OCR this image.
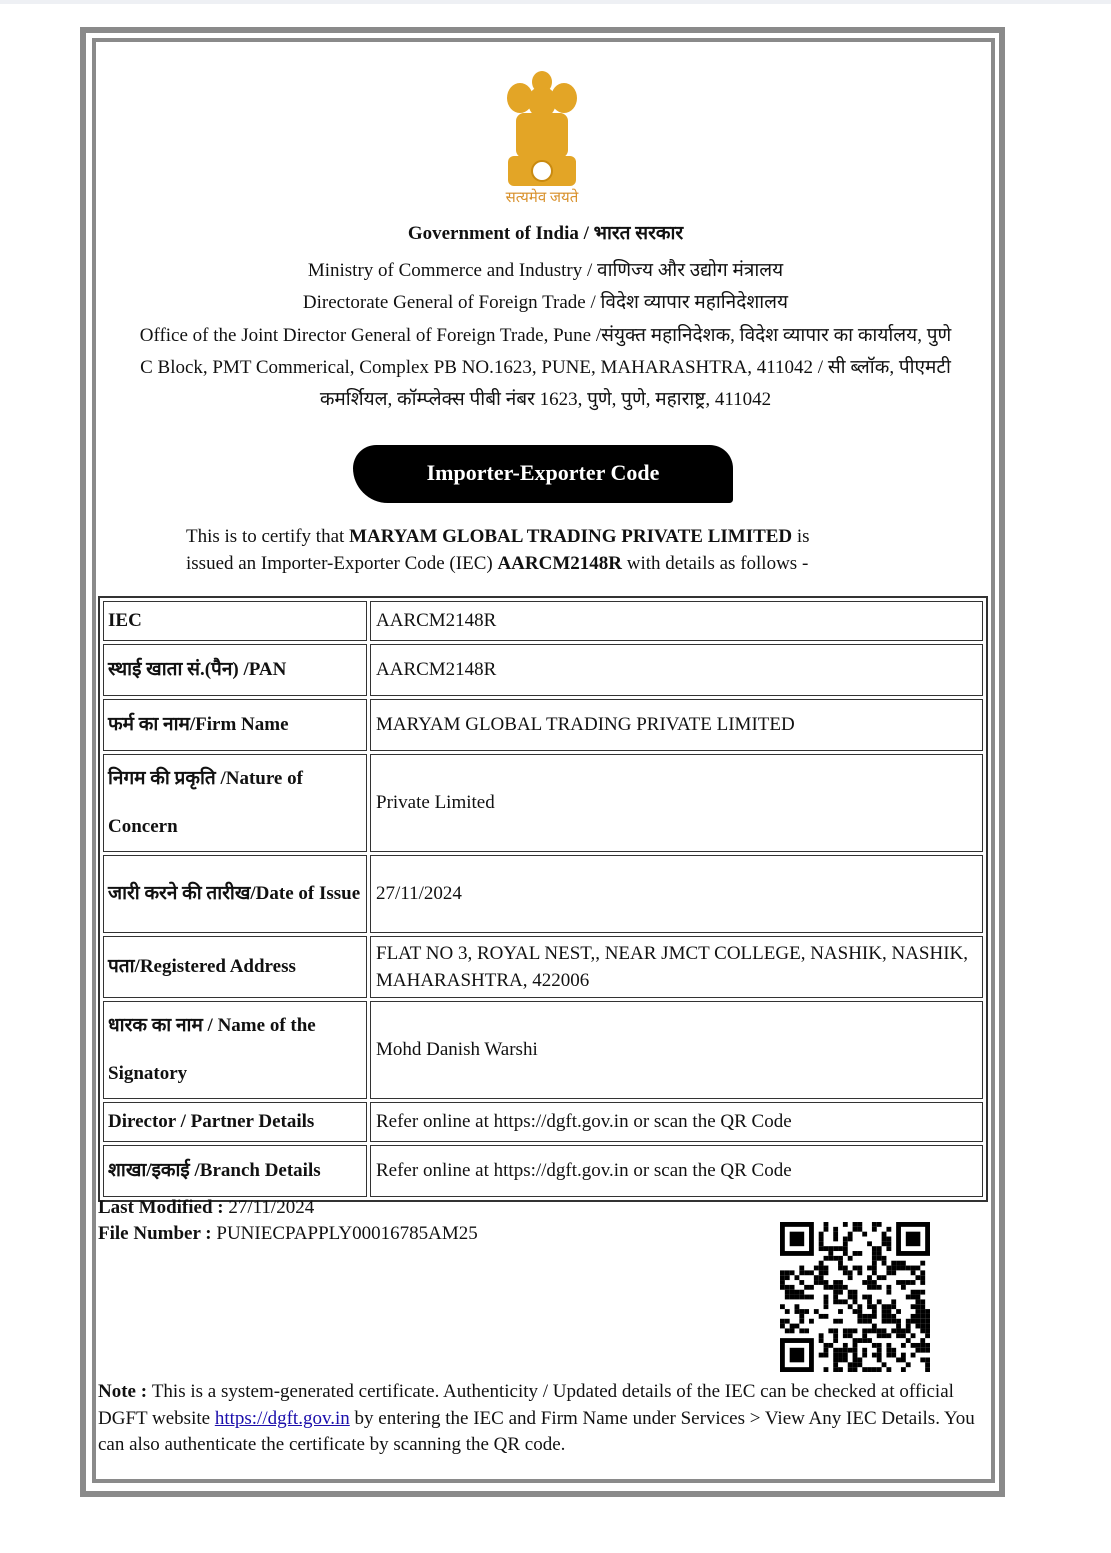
सत्यमेव जयते
Government of India / भारत सरकार
Ministry of Commerce and Industry / वाणिज्य और उद्योग मंत्रालय
Directorate General of Foreign Trade / विदेश व्यापार महानिदेशालय
Office of the Joint Director General of Foreign Trade, Pune /संयुक्त महानिदेशक, विदेश व्यापार का कार्यालय, पुणे
C Block, PMT Commerical, Complex PB NO.1623, PUNE, MAHARASHTRA, 411042 / सी ब्लॉक, पीएमटी
कमर्शियल, कॉम्प्लेक्स पीबी नंबर 1623, पुणे, पुणे, महाराष्ट्र, 411042
Importer-Exporter Code
This is to certify that MARYAM GLOBAL TRADING PRIVATE LIMITED is
issued an Importer-Exporter Code (IEC) AARCM2148R with details as follows -
IEC	AARCM2148R
स्थाई खाता सं.(पैन) /PAN	AARCM2148R
फर्म का नाम/Firm Name	MARYAM GLOBAL TRADING PRIVATE LIMITED
निगम की प्रकृति /Nature of Concern	Private Limited
जारी करने की तारीख/Date of Issue	27/11/2024
पता/Registered Address	FLAT NO 3, ROYAL NEST,, NEAR JMCT COLLEGE, NASHIK, NASHIK, MAHARASHTRA, 422006
धारक का नाम / Name of the Signatory	Mohd Danish Warshi
Director / Partner Details	Refer online at https://dgft.gov.in or scan the QR Code
शाखा/इकाई /Branch Details	Refer online at https://dgft.gov.in or scan the QR Code
Last Modified : 27/11/2024
File Number : PUNIECPAPPLY00016785AM25
Note : This is a system-generated certificate. Authenticity / Updated details of the IEC can be checked at official DGFT website https://dgft.gov.in by entering the IEC and Firm Name under Services > View Any IEC Details. You can also authenticate the certificate by scanning the QR code.
